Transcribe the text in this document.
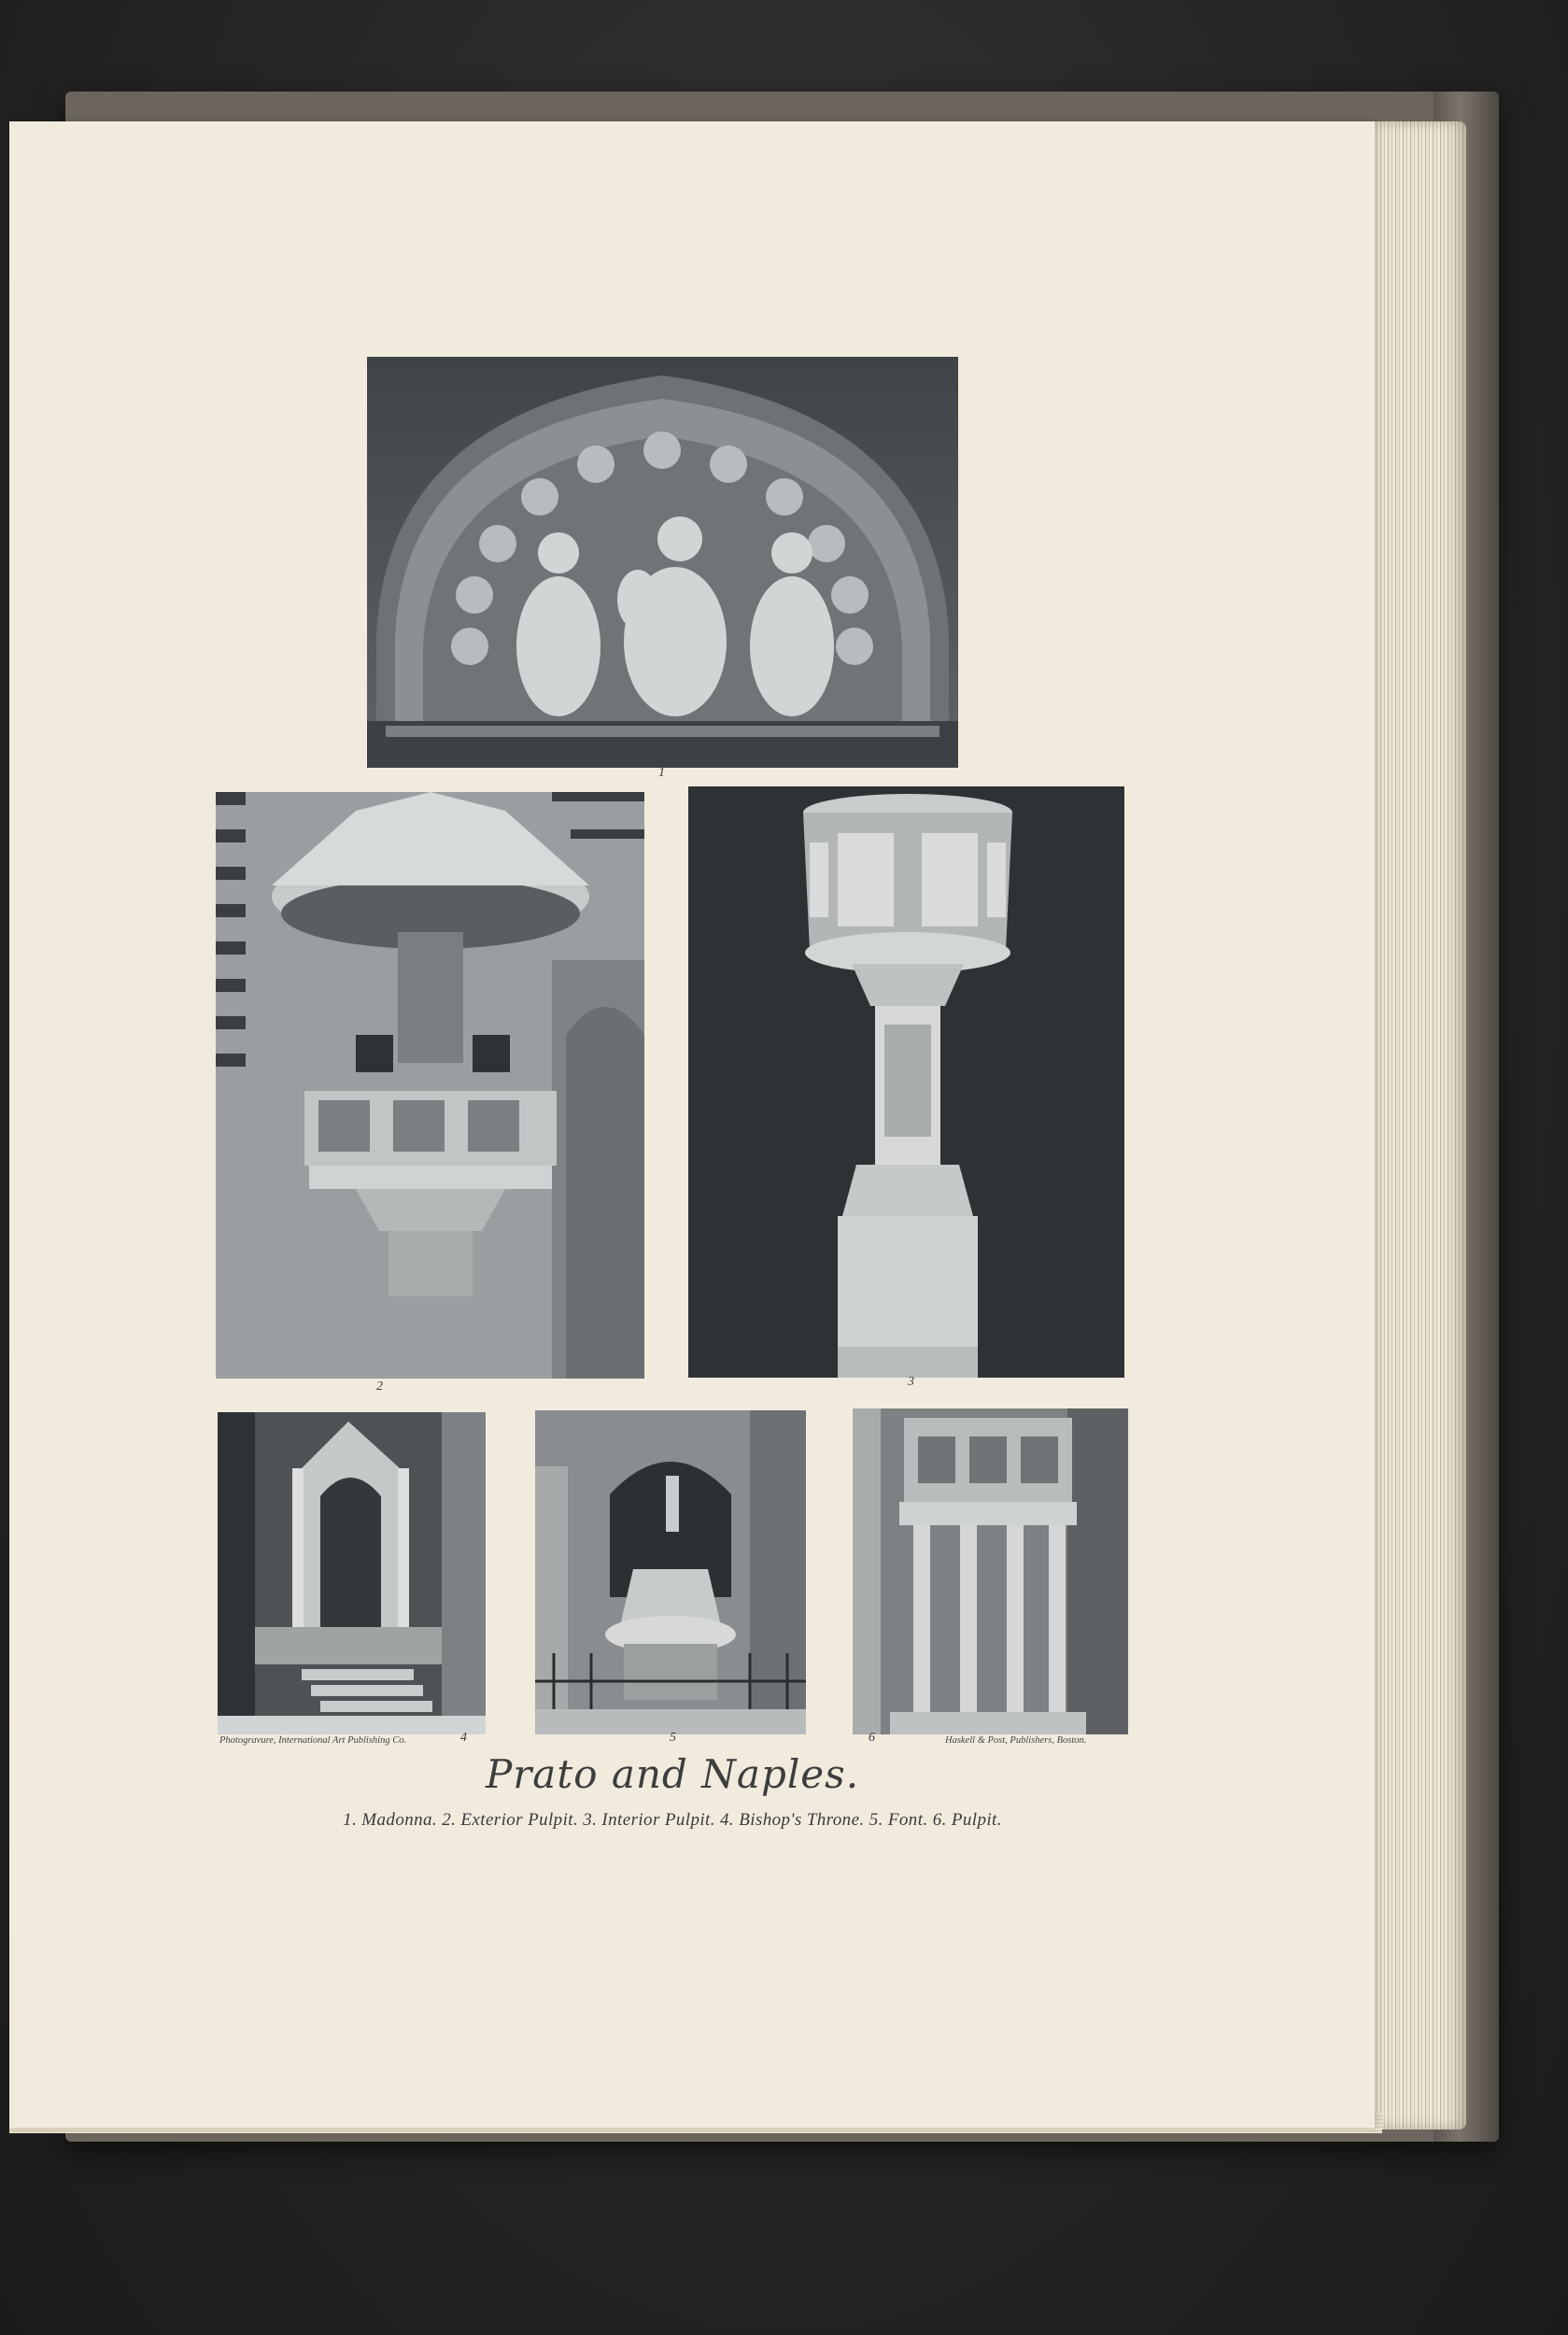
1
2	3
4	5	6
Photogravure, International Art Publishing Co.	Haskell & Post, Publishers, Boston.
Prato and Naples.
1. Madonna. 2. Exterior Pulpit. 3. Interior Pulpit. 4. Bishop's Throne. 5. Font. 6. Pulpit.
